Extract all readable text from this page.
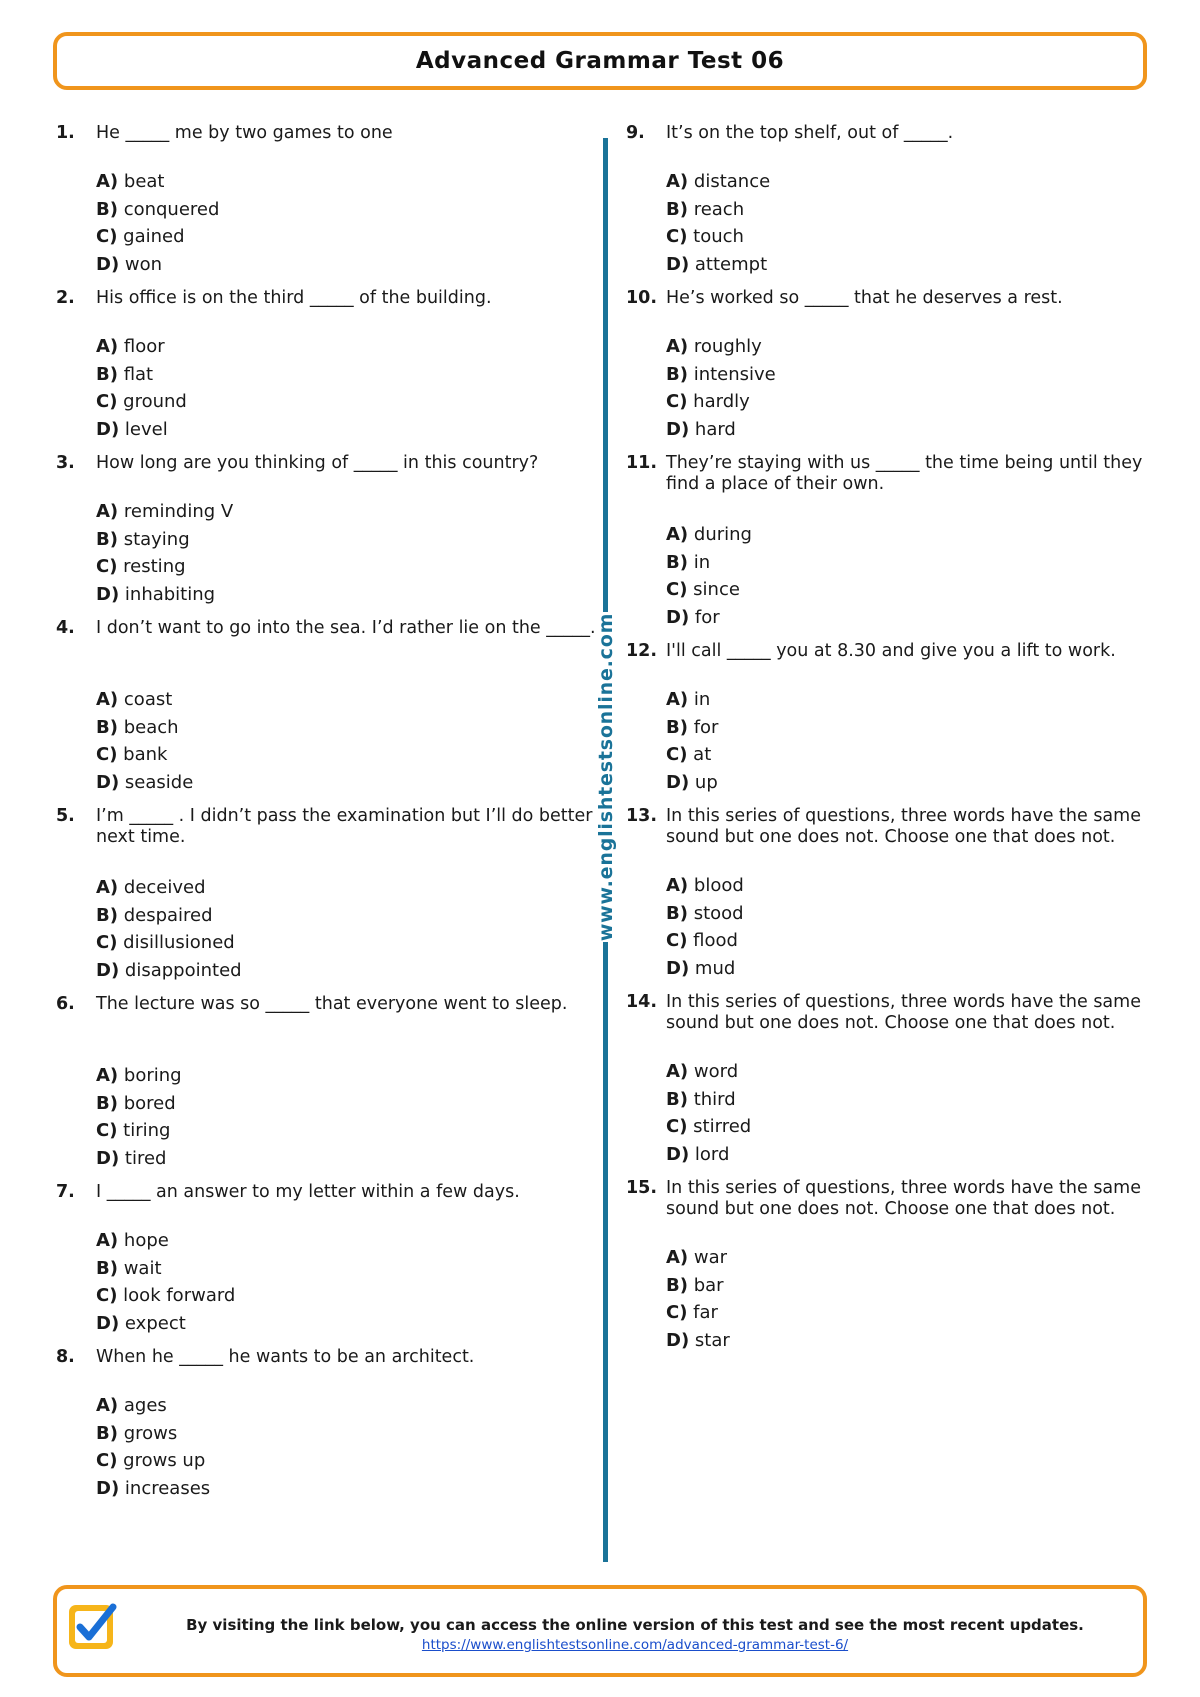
Advanced Grammar Test 06
www.englishtestsonline.com
1. He _____ me by two games to one
A) beat
B) conquered
C) gained
D) won
2. His office is on the third _____ of the building.
A) floor
B) flat
C) ground
D) level
3. How long are you thinking of _____ in this country?
A) reminding V
B) staying
C) resting
D) inhabiting
4. I don’t want to go into the sea. I’d rather lie on the _____.
A) coast
B) beach
C) bank
D) seaside
5. I’m _____ . I didn’t pass the examination but I’ll do better next time.
A) deceived
B) despaired
C) disillusioned
D) disappointed
6. The lecture was so _____ that everyone went to sleep.
A) boring
B) bored
C) tiring
D) tired
7. I _____ an answer to my letter within a few days.
A) hope
B) wait
C) look forward
D) expect
8. When he _____ he wants to be an architect.
A) ages
B) grows
C) grows up
D) increases
9. It’s on the top shelf, out of _____.
A) distance
B) reach
C) touch
D) attempt
10. He’s worked so _____ that he deserves a rest.
A) roughly
B) intensive
C) hardly
D) hard
11. They’re staying with us _____ the time being until they find a place of their own.
A) during
B) in
C) since
D) for
12. I'll call _____ you at 8.30 and give you a lift to work.
A) in
B) for
C) at
D) up
13. In this series of questions, three words have the same sound but one does not. Choose one that does not.
A) blood
B) stood
C) flood
D) mud
14. In this series of questions, three words have the same sound but one does not. Choose one that does not.
A) word
B) third
C) stirred
D) lord
15. In this series of questions, three words have the same sound but one does not. Choose one that does not.
A) war
B) bar
C) far
D) star
By visiting the link below, you can access the online version of this test and see the most recent updates.
https://www.englishtestsonline.com/advanced-grammar-test-6/
